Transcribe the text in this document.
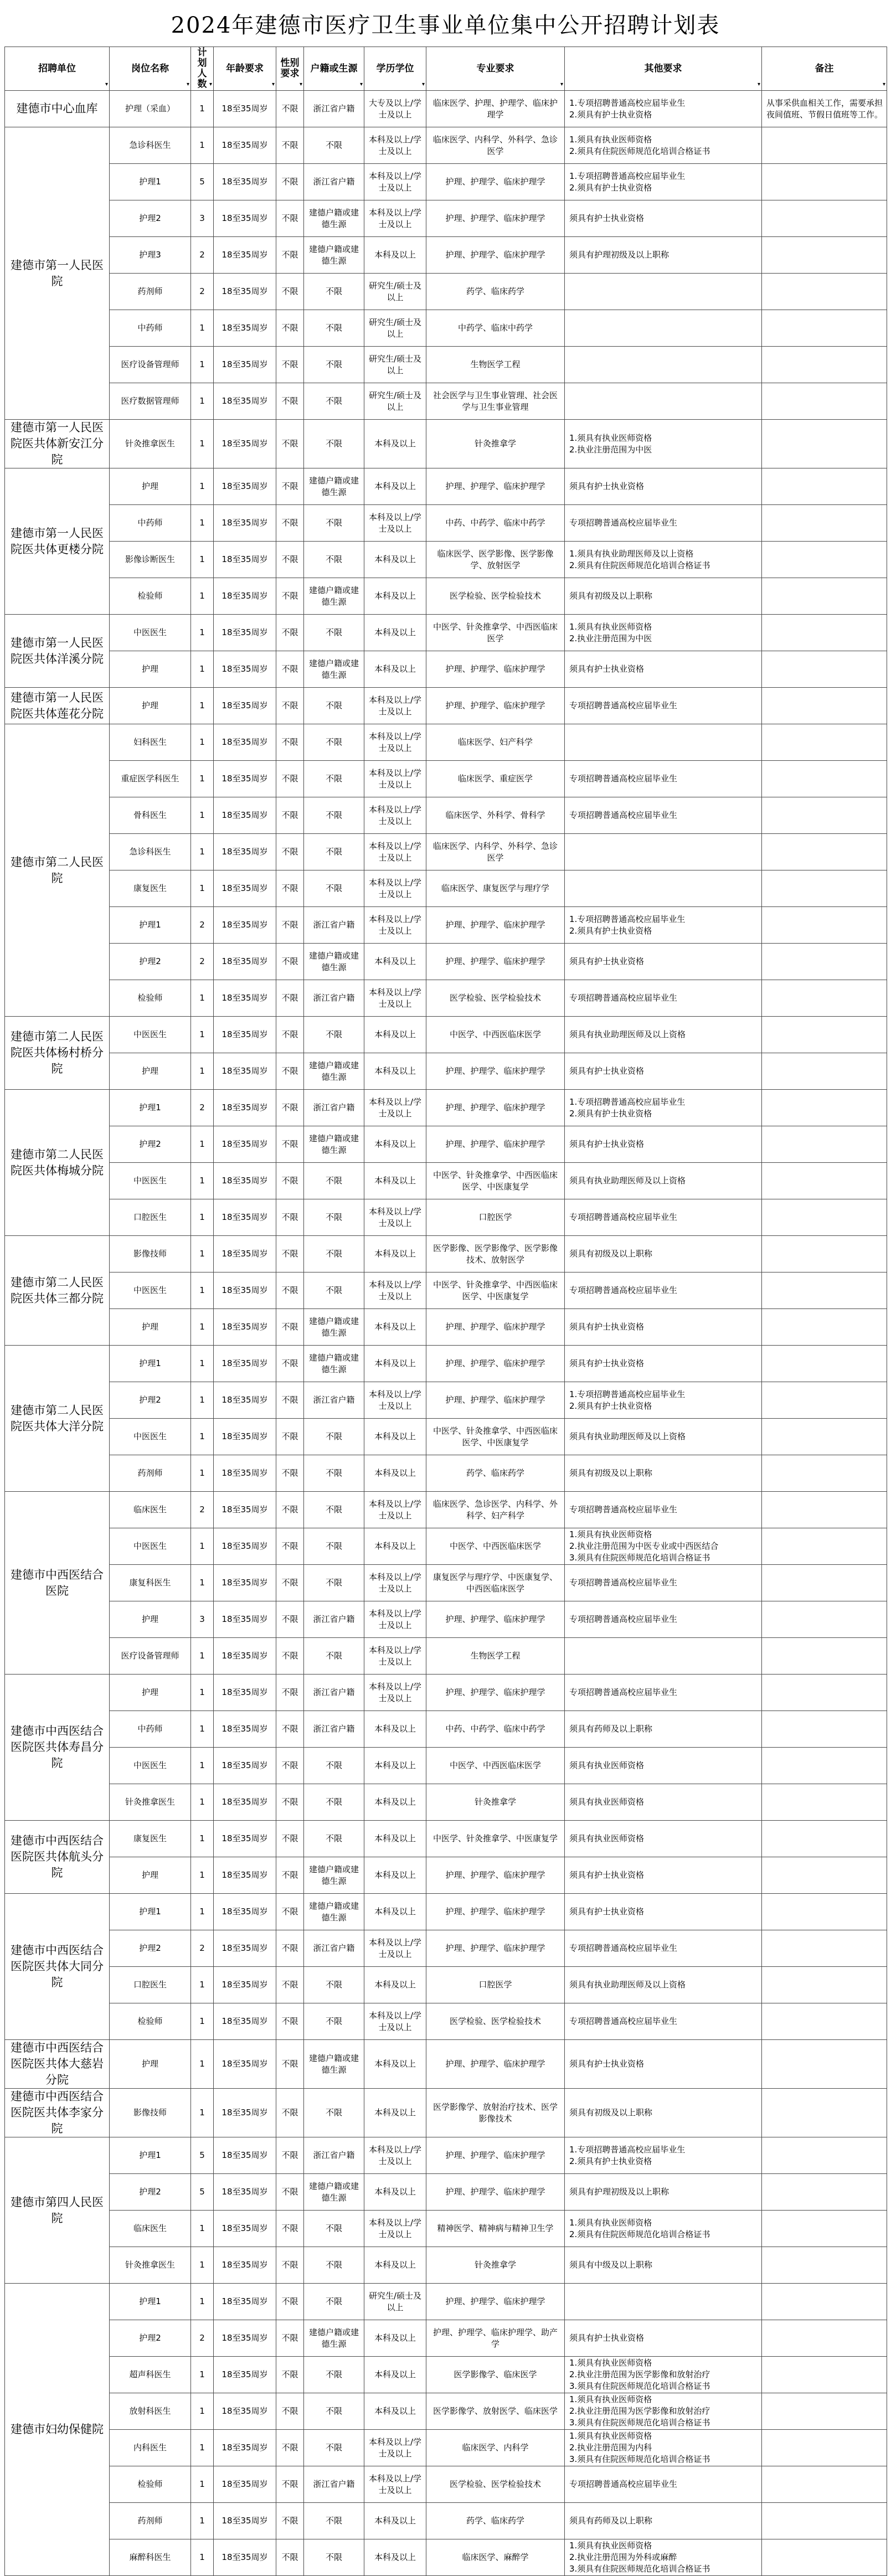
2024年建德市医疗卫生事业单位集中公开招聘计划表
招聘单位
▾	岗位名称
▾	计划人数 ▾	年龄要求
▾	性别要求
▾	户籍或生源
▾	学历学位
▾	专业要求
▾	其他要求
▾	备注
▾

建德市中心血库	护理（采血）	1	18至35周岁	不限	浙江省户籍	大专及以上/学士及以上	临床医学、护理、护理学、临床护理学	1.专项招聘普通高校应届毕业生
2.须具有护士执业资格	从事采供血相关工作，需要承担夜间值班、节假日值班等工作。
建德市第一人民医院	急诊科医生	1	18至35周岁	不限	不限	本科及以上/学士及以上	临床医学、内科学、外科学、急诊医学	1.须具有执业医师资格
2.须具有住院医师规范化培训合格证书	
	护理1	5	18至35周岁	不限	浙江省户籍	本科及以上/学士及以上	护理、护理学、临床护理学	1.专项招聘普通高校应届毕业生
2.须具有护士执业资格	
	护理2	3	18至35周岁	不限	建德户籍或建德生源	本科及以上/学士及以上	护理、护理学、临床护理学	须具有护士执业资格	
	护理3	2	18至35周岁	不限	建德户籍或建德生源	本科及以上	护理、护理学、临床护理学	须具有护理初级及以上职称	
	药剂师	2	18至35周岁	不限	不限	研究生/硕士及以上	药学、临床药学		
	中药师	1	18至35周岁	不限	不限	研究生/硕士及以上	中药学、临床中药学		
	医疗设备管理师	1	18至35周岁	不限	不限	研究生/硕士及以上	生物医学工程		
	医疗数据管理师	1	18至35周岁	不限	不限	研究生/硕士及以上	社会医学与卫生事业管理、社会医学与卫生事业管理		
建德市第一人民医院医共体新安江分院	针灸推拿医生	1	18至35周岁	不限	不限	本科及以上	针灸推拿学	1.须具有执业医师资格
2.执业注册范围为中医	
建德市第一人民医院医共体更楼分院	护理	1	18至35周岁	不限	建德户籍或建德生源	本科及以上	护理、护理学、临床护理学	须具有护士执业资格	
	中药师	1	18至35周岁	不限	不限	本科及以上/学士及以上	中药、中药学、临床中药学	专项招聘普通高校应届毕业生	
	影像诊断医生	1	18至35周岁	不限	不限	本科及以上	临床医学、医学影像、医学影像学、放射医学	1.须具有执业助理医师及以上资格
2.须具有住院医师规范化培训合格证书	
	检验师	1	18至35周岁	不限	建德户籍或建德生源	本科及以上	医学检验、医学检验技术	须具有初级及以上职称	
建德市第一人民医院医共体洋溪分院	中医医生	1	18至35周岁	不限	不限	本科及以上	中医学、针灸推拿学、中西医临床医学	1.须具有执业医师资格
2.执业注册范围为中医	
	护理	1	18至35周岁	不限	建德户籍或建德生源	本科及以上	护理、护理学、临床护理学	须具有护士执业资格	
建德市第一人民医院医共体莲花分院	护理	1	18至35周岁	不限	不限	本科及以上/学士及以上	护理、护理学、临床护理学	专项招聘普通高校应届毕业生	
建德市第二人民医院	妇科医生	1	18至35周岁	不限	不限	本科及以上/学士及以上	临床医学、妇产科学		
	重症医学科医生	1	18至35周岁	不限	不限	本科及以上/学士及以上	临床医学、重症医学	专项招聘普通高校应届毕业生	
	骨科医生	1	18至35周岁	不限	不限	本科及以上/学士及以上	临床医学、外科学、骨科学	专项招聘普通高校应届毕业生	
	急诊科医生	1	18至35周岁	不限	不限	本科及以上/学士及以上	临床医学、内科学、外科学、急诊医学		
	康复医生	1	18至35周岁	不限	不限	本科及以上/学士及以上	临床医学、康复医学与理疗学		
	护理1	2	18至35周岁	不限	浙江省户籍	本科及以上/学士及以上	护理、护理学、临床护理学	1.专项招聘普通高校应届毕业生
2.须具有护士执业资格	
	护理2	2	18至35周岁	不限	建德户籍或建德生源	本科及以上	护理、护理学、临床护理学	须具有护士执业资格	
	检验师	1	18至35周岁	不限	浙江省户籍	本科及以上/学士及以上	医学检验、医学检验技术	专项招聘普通高校应届毕业生	
建德市第二人民医院医共体杨村桥分院	中医医生	1	18至35周岁	不限	不限	本科及以上	中医学、中西医临床医学	须具有执业助理医师及以上资格	
	护理	1	18至35周岁	不限	建德户籍或建德生源	本科及以上	护理、护理学、临床护理学	须具有护士执业资格	
建德市第二人民医院医共体梅城分院	护理1	2	18至35周岁	不限	浙江省户籍	本科及以上/学士及以上	护理、护理学、临床护理学	1.专项招聘普通高校应届毕业生
2.须具有护士执业资格	
	护理2	1	18至35周岁	不限	建德户籍或建德生源	本科及以上	护理、护理学、临床护理学	须具有护士执业资格	
	中医医生	1	18至35周岁	不限	不限	本科及以上	中医学、针灸推拿学、中西医临床医学、中医康复学	须具有执业助理医师及以上资格	
	口腔医生	1	18至35周岁	不限	不限	本科及以上/学士及以上	口腔医学	专项招聘普通高校应届毕业生	
建德市第二人民医院医共体三都分院	影像技师	1	18至35周岁	不限	不限	本科及以上	医学影像、医学影像学、医学影像技术、放射医学	须具有初级及以上职称	
	中医医生	1	18至35周岁	不限	不限	本科及以上/学士及以上	中医学、针灸推拿学、中西医临床医学、中医康复学	专项招聘普通高校应届毕业生	
	护理	1	18至35周岁	不限	建德户籍或建德生源	本科及以上	护理、护理学、临床护理学	须具有护士执业资格	
建德市第二人民医院医共体大洋分院	护理1	1	18至35周岁	不限	建德户籍或建德生源	本科及以上	护理、护理学、临床护理学	须具有护士执业资格	
	护理2	1	18至35周岁	不限	浙江省户籍	本科及以上/学士及以上	护理、护理学、临床护理学	1.专项招聘普通高校应届毕业生
2.须具有护士执业资格	
	中医医生	1	18至35周岁	不限	不限	本科及以上	中医学、针灸推拿学、中西医临床医学、中医康复学	须具有执业助理医师及以上资格	
	药剂师	1	18至35周岁	不限	不限	本科及以上	药学、临床药学	须具有初级及以上职称	
建德市中西医结合医院	临床医生	2	18至35周岁	不限	不限	本科及以上/学士及以上	临床医学、急诊医学、内科学、外科学、妇产科学	专项招聘普通高校应届毕业生	
	中医医生	1	18至35周岁	不限	不限	本科及以上	中医学、中西医临床医学	1.须具有执业医师资格
2.执业注册范围为中医专业或中西医结合
3.须具有住院医师规范化培训合格证书	
	康复科医生	1	18至35周岁	不限	不限	本科及以上/学士及以上	康复医学与理疗学、中医康复学、中西医临床医学	专项招聘普通高校应届毕业生	
	护理	3	18至35周岁	不限	浙江省户籍	本科及以上/学士及以上	护理、护理学、临床护理学	专项招聘普通高校应届毕业生	
	医疗设备管理师	1	18至35周岁	不限	不限	本科及以上/学士及以上	生物医学工程		
建德市中西医结合医院医共体寿昌分院	护理	1	18至35周岁	不限	浙江省户籍	本科及以上/学士及以上	护理、护理学、临床护理学	专项招聘普通高校应届毕业生	
	中药师	1	18至35周岁	不限	浙江省户籍	本科及以上	中药、中药学、临床中药学	须具有药师及以上职称	
	中医医生	1	18至35周岁	不限	不限	本科及以上	中医学、中西医临床医学	须具有执业医师资格	
	针灸推拿医生	1	18至35周岁	不限	不限	本科及以上	针灸推拿学	须具有执业医师资格	
建德市中西医结合医院医共体航头分院	康复医生	1	18至35周岁	不限	不限	本科及以上	中医学、针灸推拿学、中医康复学	须具有执业医师资格	
	护理	1	18至35周岁	不限	建德户籍或建德生源	本科及以上	护理、护理学、临床护理学	须具有护士执业资格	
建德市中西医结合医院医共体大同分院	护理1	1	18至35周岁	不限	建德户籍或建德生源	本科及以上	护理、护理学、临床护理学	须具有护士执业资格	
	护理2	2	18至35周岁	不限	浙江省户籍	本科及以上/学士及以上	护理、护理学、临床护理学	专项招聘普通高校应届毕业生	
	口腔医生	1	18至35周岁	不限	不限	本科及以上	口腔医学	须具有执业助理医师及以上资格	
	检验师	1	18至35周岁	不限	不限	本科及以上/学士及以上	医学检验、医学检验技术	专项招聘普通高校应届毕业生	
建德市中西医结合医院医共体大慈岩分院	护理	1	18至35周岁	不限	建德户籍或建德生源	本科及以上	护理、护理学、临床护理学	须具有护士执业资格	
建德市中西医结合医院医共体李家分院	影像技师	1	18至35周岁	不限	不限	本科及以上	医学影像学、放射治疗技术、医学影像技术	须具有初级及以上职称	
建德市第四人民医院	护理1	5	18至35周岁	不限	浙江省户籍	本科及以上/学士及以上	护理、护理学、临床护理学	1.专项招聘普通高校应届毕业生
2.须具有护士执业资格	
	护理2	5	18至35周岁	不限	建德户籍或建德生源	本科及以上	护理、护理学、临床护理学	须具有护理初级及以上职称	
	临床医生	1	18至35周岁	不限	不限	本科及以上/学士及以上	精神医学、精神病与精神卫生学	1.须具有执业医师资格
2.须具有住院医师规范化培训合格证书	
	针灸推拿医生	1	18至35周岁	不限	不限	本科及以上	针灸推拿学	须具有中级及以上职称	
建德市妇幼保健院	护理1	1	18至35周岁	不限	不限	研究生/硕士及以上	护理、护理学、临床护理学		
	护理2	2	18至35周岁	不限	建德户籍或建德生源	本科及以上	护理、护理学、临床护理学、助产学	须具有护士执业资格	
	超声科医生	1	18至35周岁	不限	不限	本科及以上	医学影像学、临床医学	1.须具有执业医师资格
2.执业注册范围为医学影像和放射治疗
3.须具有住院医师规范化培训合格证书	
	放射科医生	1	18至35周岁	不限	不限	本科及以上	医学影像学、放射医学、临床医学	1.须具有执业医师资格
2.执业注册范围为医学影像和放射治疗
3.须具有住院医师规范化培训合格证书	
	内科医生	1	18至35周岁	不限	不限	本科及以上/学士及以上	临床医学、内科学	1.须具有执业医师资格
2.执业注册范围为内科
3.须具有住院医师规范化培训合格证书	
	检验师	1	18至35周岁	不限	浙江省户籍	本科及以上/学士及以上	医学检验、医学检验技术	专项招聘普通高校应届毕业生	
	药剂师	1	18至35周岁	不限	不限	本科及以上	药学、临床药学	须具有药师及以上职称	
	麻醉科医生	1	18至35周岁	不限	不限	本科及以上	临床医学、麻醉学	1.须具有执业医师资格
2.执业注册范围为外科或麻醉
3.须具有住院医师规范化培训合格证书	
